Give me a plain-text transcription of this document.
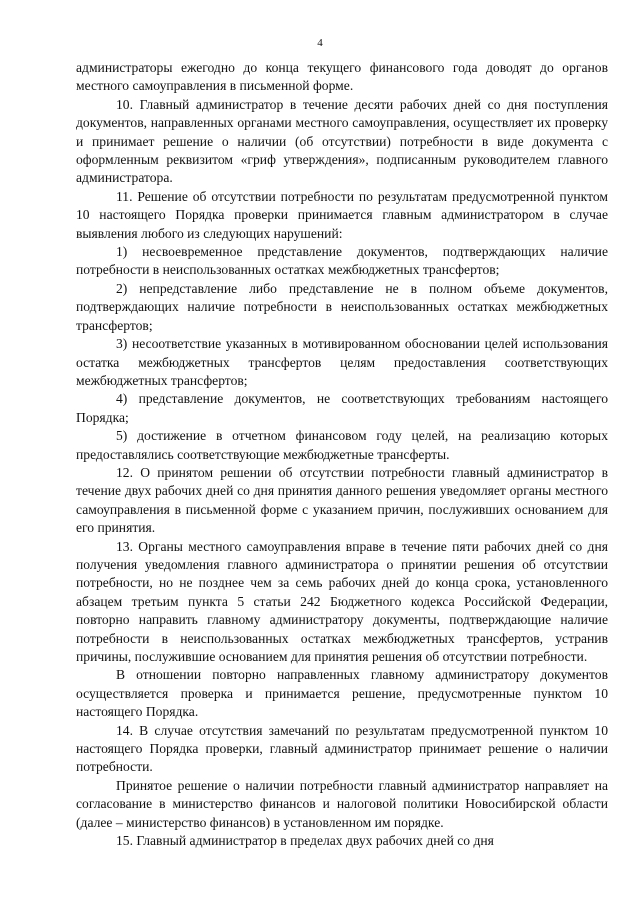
4

администраторы ежегодно до конца текущего финансового года доводят до органов местного самоуправления в письменной форме.

10. Главный администратор в течение десяти рабочих дней со дня поступления документов, направленных органами местного самоуправления, осуществляет их проверку и принимает решение о наличии (об отсутствии) потребности в виде документа с оформленным реквизитом «гриф утверждения», подписанным руководителем главного администратора.

11. Решение об отсутствии потребности по результатам предусмотренной пунктом 10 настоящего Порядка проверки принимается главным администратором в случае выявления любого из следующих нарушений:

1) несвоевременное представление документов, подтверждающих наличие потребности в неиспользованных остатках межбюджетных трансфертов;

2) непредставление либо представление не в полном объеме документов, подтверждающих наличие потребности в неиспользованных остатках межбюджетных трансфертов;

3) несоответствие указанных в мотивированном обосновании целей использования остатка межбюджетных трансфертов целям предоставления соответствующих межбюджетных трансфертов;

4) представление документов, не соответствующих требованиям настоящего Порядка;

5) достижение в отчетном финансовом году целей, на реализацию которых предоставлялись соответствующие межбюджетные трансферты.

12. О принятом решении об отсутствии потребности главный администратор в течение двух рабочих дней со дня принятия данного решения уведомляет органы местного самоуправления в письменной форме с указанием причин, послуживших основанием для его принятия.

13. Органы местного самоуправления вправе в течение пяти рабочих дней со дня получения уведомления главного администратора о принятии решения об отсутствии потребности, но не позднее чем за семь рабочих дней до конца срока, установленного абзацем третьим пункта 5 статьи 242 Бюджетного кодекса Российской Федерации, повторно направить главному администратору документы, подтверждающие наличие потребности в неиспользованных остатках межбюджетных трансфертов, устранив причины, послужившие основанием для принятия решения об отсутствии потребности.

В отношении повторно направленных главному администратору документов осуществляется проверка и принимается решение, предусмотренные пунктом 10 настоящего Порядка.

14. В случае отсутствия замечаний по результатам предусмотренной пунктом 10 настоящего Порядка проверки, главный администратор принимает решение о наличии потребности.

Принятое решение о наличии потребности главный администратор направляет на согласование в министерство финансов и налоговой политики Новосибирской области (далее – министерство финансов) в установленном им порядке.

15. Главный администратор в пределах двух рабочих дней со дня
